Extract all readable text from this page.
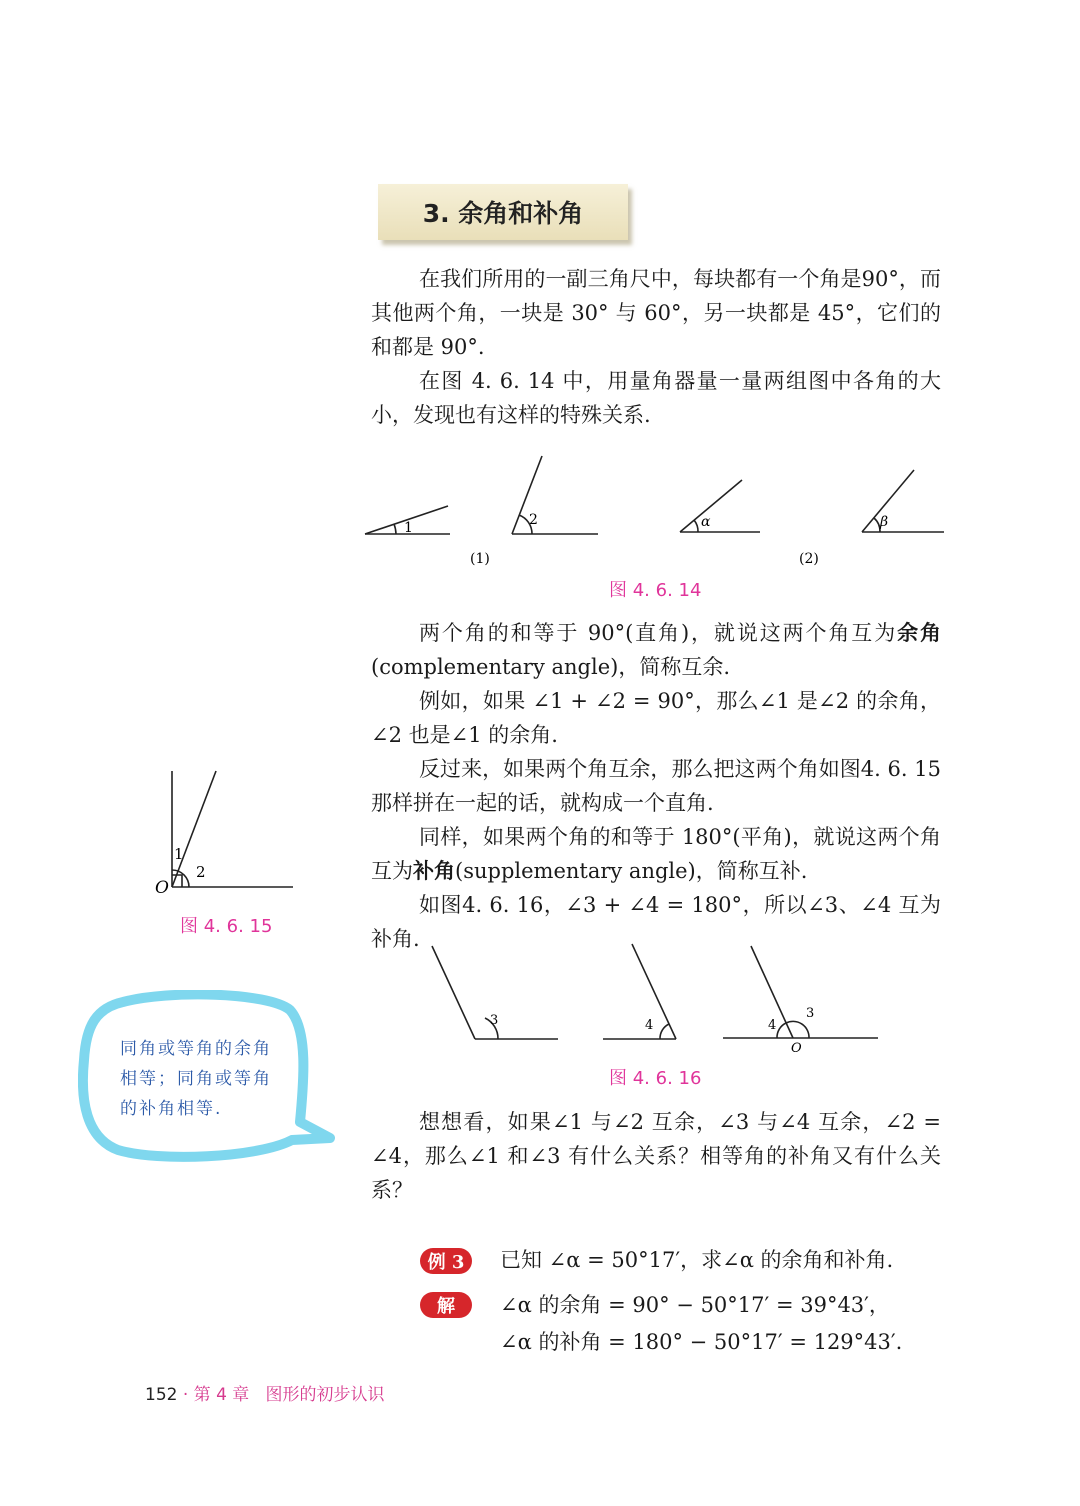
3. 余角和补角

在我们所用的一副三角尺中，每块都有一个角是90°，而其他两个角，一块是 30° 与 60°，另一块都是 45°，它们的和都是 90°.

在图 4. 6. 14 中，用量角器量一量两组图中各角的大小，发现也有这样的特殊关系.

1	2	α	β
(1)	(2)
图 4. 6. 14

两个角的和等于 90°(直角)，就说这两个角互为余角(complementary angle)，简称互余.

例如，如果 ∠1 + ∠2 = 90°，那么∠1 是∠2 的余角，∠2 也是∠1 的余角.

反过来，如果两个角互余，那么把这两个角如图4. 6. 15 那样拼在一起的话，就构成一个直角.

同样，如果两个角的和等于 180°(平角)，就说这两个角互为补角(supplementary angle)，简称互补.

如图4. 6. 16，∠3 + ∠4 = 180°，所以∠3、∠4 互为补角.

O
1
2
图 4. 6. 15
3	4	4
3
O
图 4. 6. 16
同角或等角的余角相等；同角或等角的补角相等.

想想看，如果∠1 与∠2 互余，∠3 与∠4 互余，∠2 = ∠4，那么∠1 和∠3 有什么关系？相等角的补角又有什么关系？

例 3	已知 ∠α = 50°17′，求∠α 的余角和补角.
解	∠α 的余角 = 90° − 50°17′ = 39°43′，
∠α 的补角 = 180° − 50°17′ = 129°43′.
152 · 第 4 章 图形的初步认识
